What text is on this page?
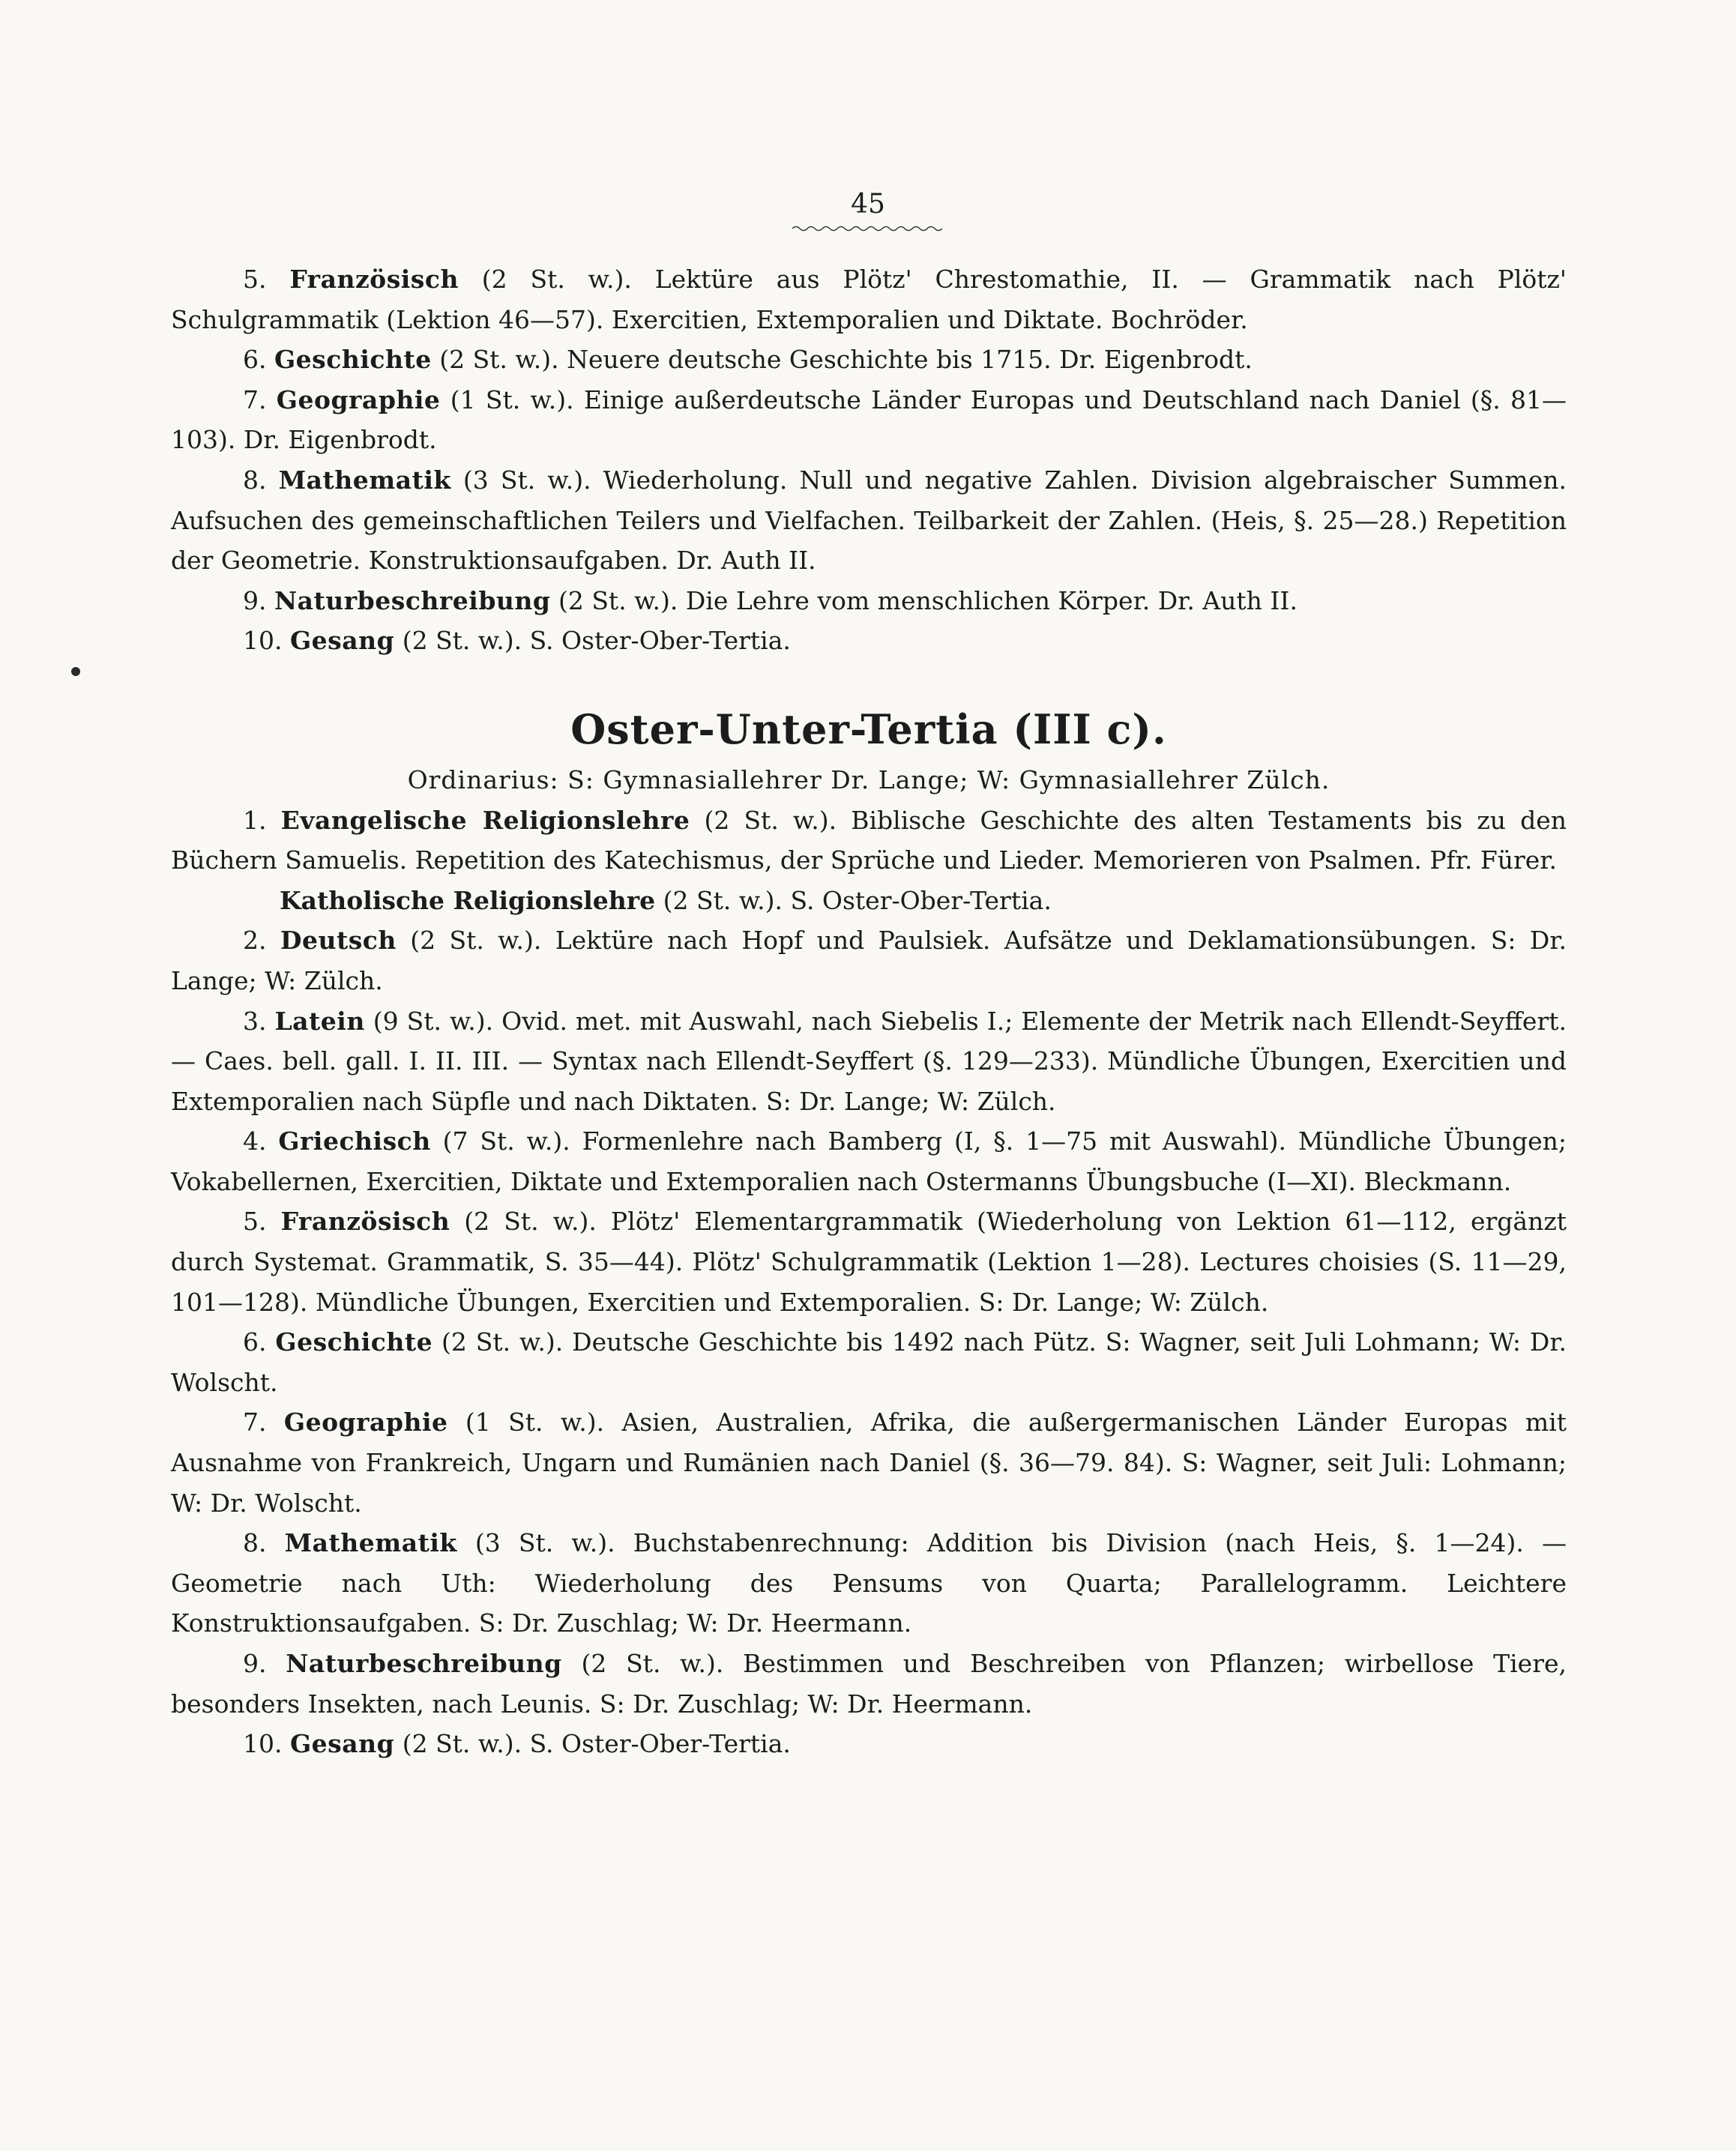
45

5. Französisch (2 St. w.). Lektüre aus Plötz' Chrestomathie, II. — Grammatik nach Plötz' Schulgrammatik (Lektion 46—57). Exercitien, Extemporalien und Diktate. Bochröder.

6. Geschichte (2 St. w.). Neuere deutsche Geschichte bis 1715. Dr. Eigenbrodt.

7. Geographie (1 St. w.). Einige außerdeutsche Länder Europas und Deutschland nach Daniel (§. 81—103). Dr. Eigenbrodt.

8. Mathematik (3 St. w.). Wiederholung. Null und negative Zahlen. Division algebraischer Summen. Aufsuchen des gemeinschaftlichen Teilers und Vielfachen. Teilbarkeit der Zahlen. (Heis, §. 25—28.) Repetition der Geometrie. Konstruktionsaufgaben. Dr. Auth II.

9. Naturbeschreibung (2 St. w.). Die Lehre vom menschlichen Körper. Dr. Auth II.

10. Gesang (2 St. w.). S. Oster-Ober-Tertia.

Oster-Unter-Tertia (III c).

Ordinarius: S: Gymnasiallehrer Dr. Lange; W: Gymnasiallehrer Zülch.

1. Evangelische Religionslehre (2 St. w.). Biblische Geschichte des alten Testaments bis zu den Büchern Samuelis. Repetition des Katechismus, der Sprüche und Lieder. Memorieren von Psalmen. Pfr. Fürer.

Katholische Religionslehre (2 St. w.). S. Oster-Ober-Tertia.

2. Deutsch (2 St. w.). Lektüre nach Hopf und Paulsiek. Aufsätze und Deklamationsübungen. S: Dr. Lange; W: Zülch.

3. Latein (9 St. w.). Ovid. met. mit Auswahl, nach Siebelis I.; Elemente der Metrik nach Ellendt-Seyffert. — Caes. bell. gall. I. II. III. — Syntax nach Ellendt-Seyffert (§. 129—233). Mündliche Übungen, Exercitien und Extemporalien nach Süpfle und nach Diktaten. S: Dr. Lange; W: Zülch.

4. Griechisch (7 St. w.). Formenlehre nach Bamberg (I, §. 1—75 mit Auswahl). Mündliche Übungen; Vokabellernen, Exercitien, Diktate und Extemporalien nach Ostermanns Übungsbuche (I—XI). Bleckmann.

5. Französisch (2 St. w.). Plötz' Elementargrammatik (Wiederholung von Lektion 61—112, ergänzt durch Systemat. Grammatik, S. 35—44). Plötz' Schulgrammatik (Lektion 1—28). Lectures choisies (S. 11—29, 101—128). Mündliche Übungen, Exercitien und Extemporalien. S: Dr. Lange; W: Zülch.

6. Geschichte (2 St. w.). Deutsche Geschichte bis 1492 nach Pütz. S: Wagner, seit Juli Lohmann; W: Dr. Wolscht.

7. Geographie (1 St. w.). Asien, Australien, Afrika, die außergermanischen Länder Europas mit Ausnahme von Frankreich, Ungarn und Rumänien nach Daniel (§. 36—79. 84). S: Wagner, seit Juli: Lohmann; W: Dr. Wolscht.

8. Mathematik (3 St. w.). Buchstabenrechnung: Addition bis Division (nach Heis, §. 1—24). — Geometrie nach Uth: Wiederholung des Pensums von Quarta; Parallelogramm. Leichtere Konstruktionsaufgaben. S: Dr. Zuschlag; W: Dr. Heermann.

9. Naturbeschreibung (2 St. w.). Bestimmen und Beschreiben von Pflanzen; wirbellose Tiere, besonders Insekten, nach Leunis. S: Dr. Zuschlag; W: Dr. Heermann.

10. Gesang (2 St. w.). S. Oster-Ober-Tertia.
